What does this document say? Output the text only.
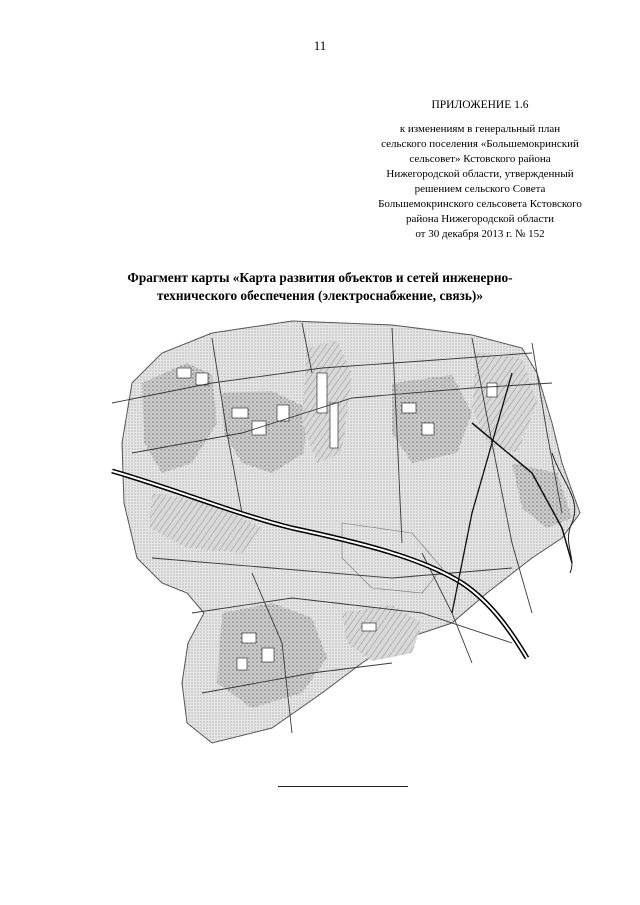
11
ПРИЛОЖЕНИЕ 1.6
к изменениям в генеральный план
сельского поселения «Большемокринский
сельсовет» Кстовского района
Нижегородской области, утвержденный
решением сельского Совета
Большемокринского сельсовета Кстовского
района Нижегородской области
от 30 декабря 2013 г. № 152
Фрагмент карты «Карта развития объектов и сетей инженерно-
технического обеспечения (электроснабжение, связь)»
